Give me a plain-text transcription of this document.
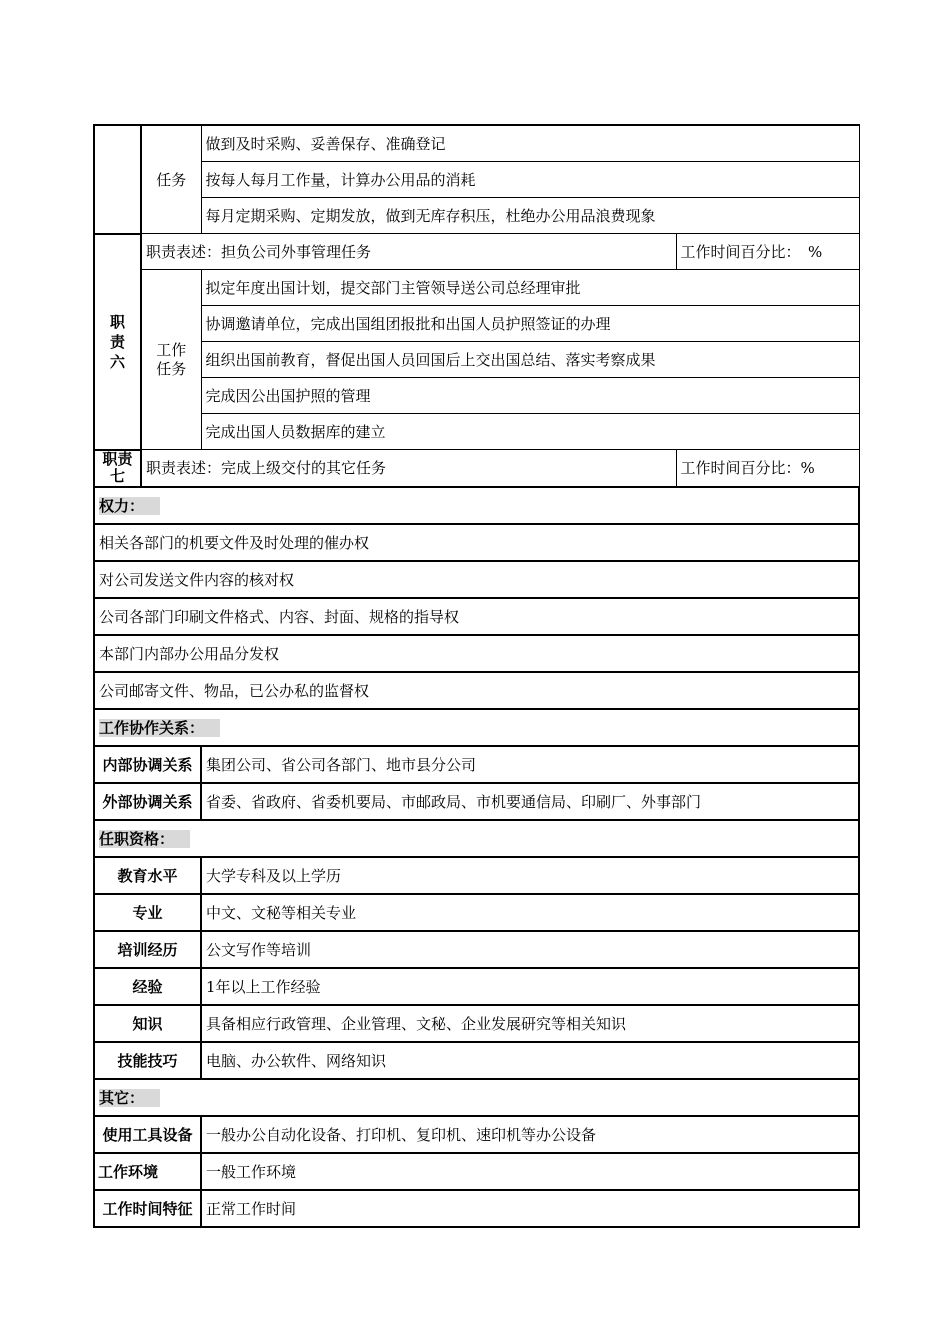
	任务	做到及时采购、妥善保存、准确登记	
		按每人每月工作量，计算办公用品的消耗	
		每月定期采购、定期发放，做到无库存积压，杜绝办公用品浪费现象	
职
责
六	职责表述：担负公司外事管理任务		工作时间百分比：　%
	工作
任务	拟定年度出国计划，提交部门主管领导送公司总经理审批	
		协调邀请单位，完成出国组团报批和出国人员护照签证的办理	
		组织出国前教育，督促出国人员回国后上交出国总结、落实考察成果	
		完成因公出国护照的管理	
		完成出国人员数据库的建立	
职责
七	职责表述：完成上级交付的其它任务		工作时间百分比：%
权力：			
相关各部门的机要文件及时处理的催办权			
对公司发送文件内容的核对权			
公司各部门印刷文件格式、内容、封面、规格的指导权			
本部门内部办公用品分发权			
公司邮寄文件、物品，已公办私的监督权			
工作协作关系：			
内部协调关系		集团公司、省公司各部门、地市县分公司	
外部协调关系		省委、省政府、省委机要局、市邮政局、市机要通信局、印刷厂、外事部门	
任职资格：			
教育水平		大学专科及以上学历	
专业		中文、文秘等相关专业	
培训经历		公文写作等培训	
经验		1年以上工作经验	
知识		具备相应行政管理、企业管理、文秘、企业发展研究等相关知识	
技能技巧		电脑、办公软件、网络知识	
其它：			
使用工具设备		一般办公自动化设备、打印机、复印机、速印机等办公设备	
工作环境		一般工作环境	
工作时间特征		正常工作时间	
